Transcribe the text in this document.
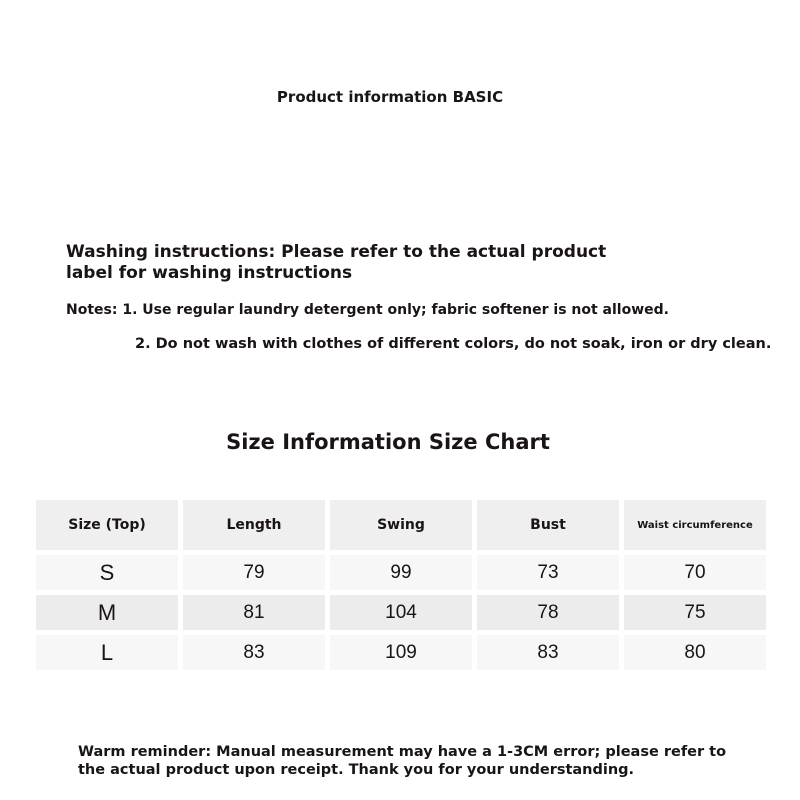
Product information BASIC
Washing instructions: Please refer to the actual product label for washing instructions
Notes: 1. Use regular laundry detergent only; fabric softener is not allowed.
2. Do not wash with clothes of different colors, do not soak, iron or dry clean.
Size Information Size Chart
Size (Top)	Length	Swing	Bust	Waist circumference
S	79	99	73	70
M	81	104	78	75
L	83	109	83	80
Warm reminder: Manual measurement may have a 1-3CM error; please refer to the actual product upon receipt. Thank you for your understanding.
